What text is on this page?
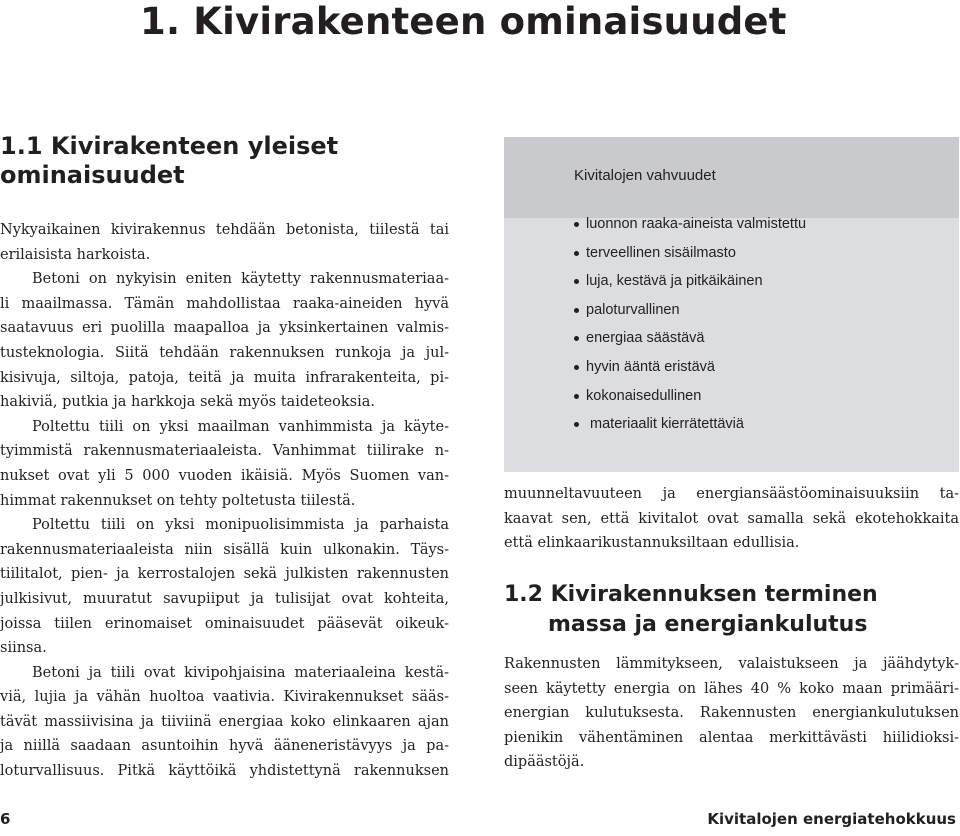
1. Kivirakenteen ominaisuudet
1.1 Kivirakenteen yleiset
ominaisuudet
Nykyaikainen kivirakennus tehdään betonista, tiilestä tai
erilaisista harkoista.
Betoni on nykyisin eniten käytetty rakennusmateriaa-
li maailmassa. Tämän mahdollistaa raaka-aineiden hyvä
saatavuus eri puolilla maapalloa ja yksinkertainen valmis-
tusteknologia. Siitä tehdään rakennuksen runkoja ja jul-
kisivuja, siltoja, patoja, teitä ja muita infrarakenteita, pi-
hakiviä, putkia ja harkkoja sekä myös taideteoksia.
Poltettu tiili on yksi maailman vanhimmista ja käyte-
tyimmistä rakennusmateriaaleista. Vanhimmat tiilirake n-
nukset ovat yli 5 000 vuoden ikäisiä. Myös Suomen van-
himmat rakennukset on tehty poltetusta tiilestä.
Poltettu tiili on yksi monipuolisimmista ja parhaista
rakennusmateriaaleista niin sisällä kuin ulkonakin. Täys-
tiilitalot, pien- ja kerrostalojen sekä julkisten rakennusten
julkisivut, muuratut savupiiput ja tulisijat ovat kohteita,
joissa tiilen erinomaiset ominaisuudet pääsevät oikeuk-
siinsa.
Betoni ja tiili ovat kivipohjaisina materiaaleina kestä-
viä, lujia ja vähän huoltoa vaativia. Kivirakennukset sääs-
tävät massiivisina ja tiiviinä energiaa koko elinkaaren ajan
ja niillä saadaan asuntoihin hyvä ääneneristävyys ja pa-
loturvallisuus. Pitkä käyttöikä yhdistettynä rakennuksen
Kivitalojen vahvuudet
luonnon raaka-aineista valmistettu
terveellinen sisäilmasto
luja, kestävä ja pitkäikäinen
paloturvallinen
energiaa säästävä
hyvin ääntä eristävä
kokonaisedullinen
materiaalit kierrätettäviä
muunneltavuuteen ja energiansäästöominaisuuksiin ta-
kaavat sen, että kivitalot ovat samalla sekä ekotehokkaita
että elinkaarikustannuksiltaan edullisia.
1.2 Kivirakennuksen terminen
massa ja energiankulutus
Rakennusten lämmitykseen, valaistukseen ja jäähdytyk-
seen käytetty energia on lähes 40 % koko maan primääri-
energian kulutuksesta. Rakennusten energiankulutuksen
pienikin vähentäminen alentaa merkittävästi hiilidioksi-
dipäästöjä.
6	Kivitalojen energiatehokkuus
